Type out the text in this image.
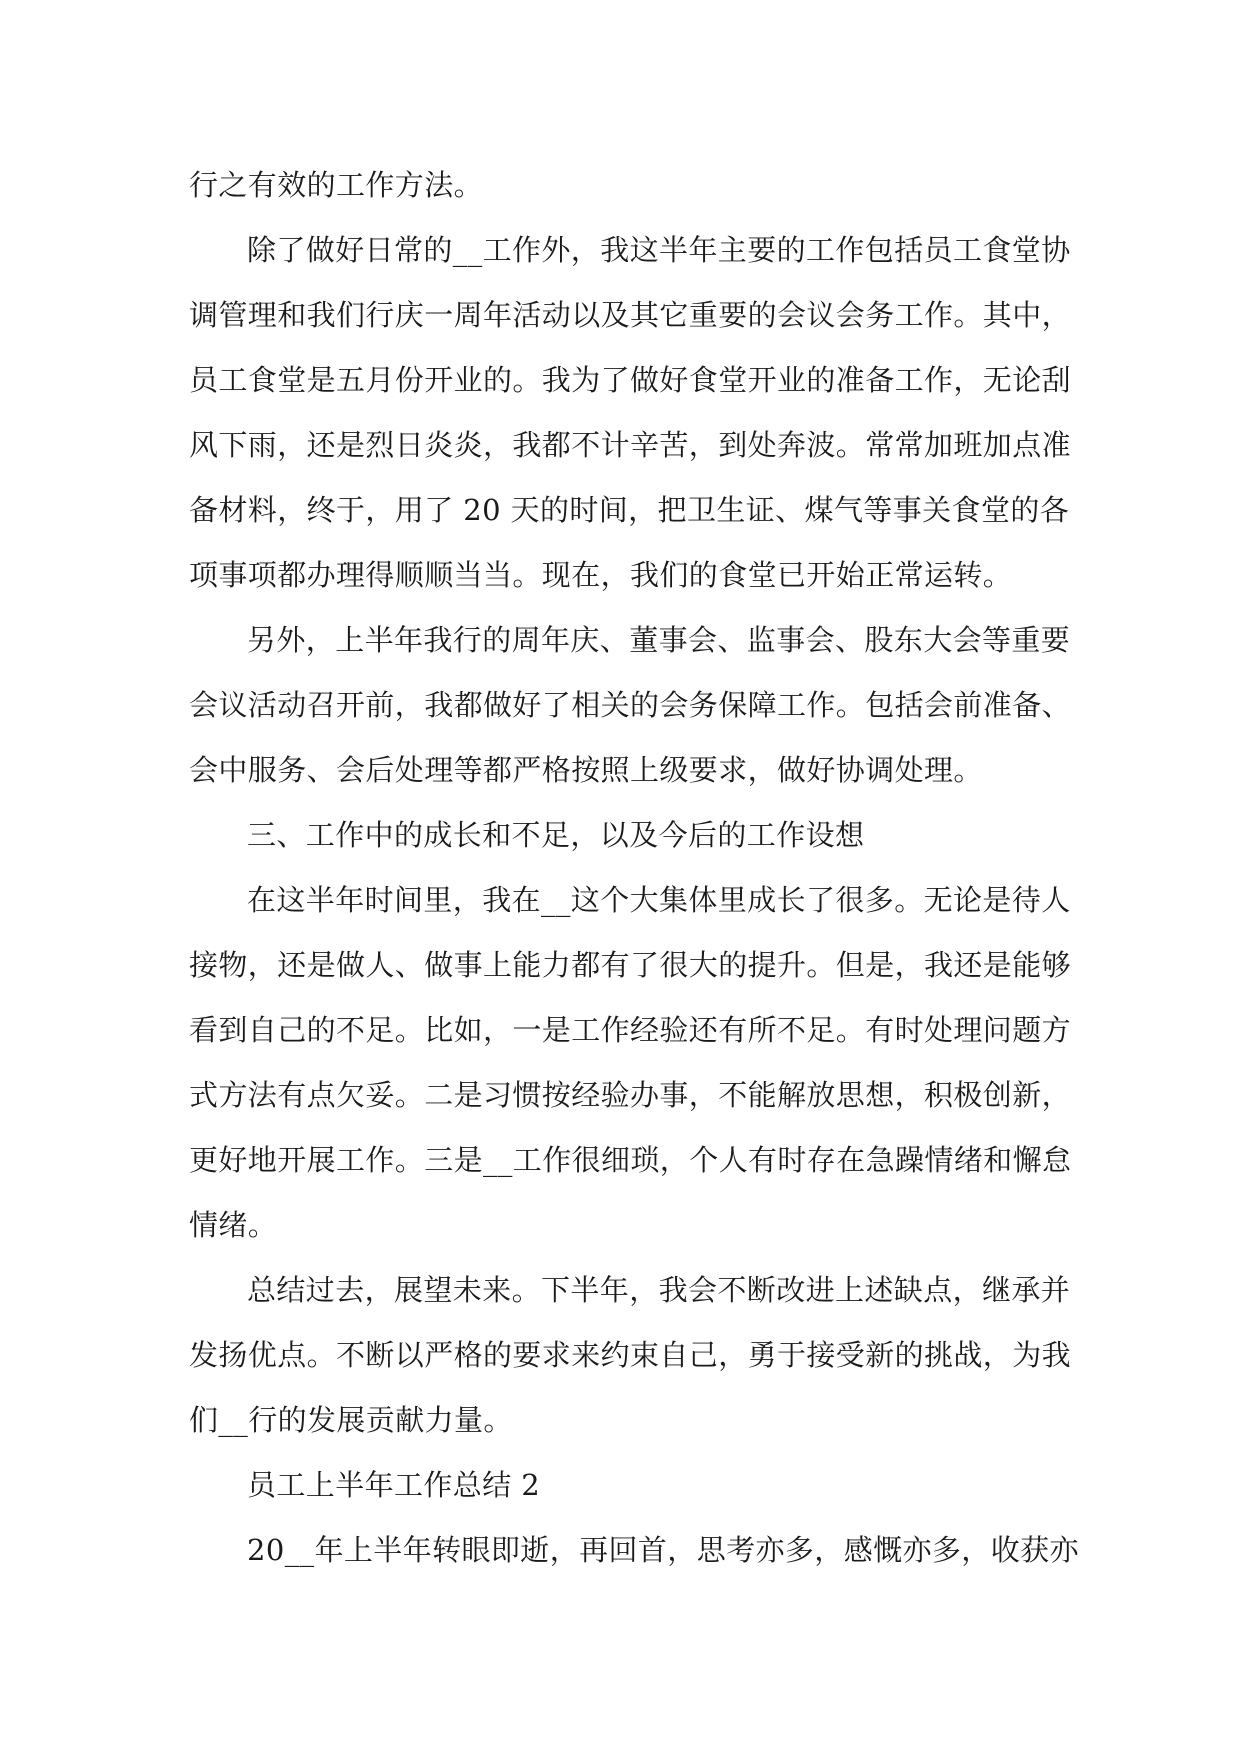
行之有效的工作方法。
除了做好日常的__工作外，我这半年主要的工作包括员工食堂协
调管理和我们行庆一周年活动以及其它重要的会议会务工作。其中，
员工食堂是五月份开业的。我为了做好食堂开业的准备工作，无论刮
风下雨，还是烈日炎炎，我都不计辛苦，到处奔波。常常加班加点准
备材料，终于，用了 20 天的时间，把卫生证、煤气等事关食堂的各
项事项都办理得顺顺当当。现在，我们的食堂已开始正常运转。
另外，上半年我行的周年庆、董事会、监事会、股东大会等重要
会议活动召开前，我都做好了相关的会务保障工作。包括会前准备、
会中服务、会后处理等都严格按照上级要求，做好协调处理。
三、工作中的成长和不足，以及今后的工作设想
在这半年时间里，我在__这个大集体里成长了很多。无论是待人
接物，还是做人、做事上能力都有了很大的提升。但是，我还是能够
看到自己的不足。比如，一是工作经验还有所不足。有时处理问题方
式方法有点欠妥。二是习惯按经验办事，不能解放思想，积极创新，
更好地开展工作。三是__工作很细琐，个人有时存在急躁情绪和懈怠
情绪。
总结过去，展望未来。下半年，我会不断改进上述缺点，继承并
发扬优点。不断以严格的要求来约束自己，勇于接受新的挑战，为我
们__行的发展贡献力量。
员工上半年工作总结 2
20__年上半年转眼即逝，再回首，思考亦多，感慨亦多，收获亦
